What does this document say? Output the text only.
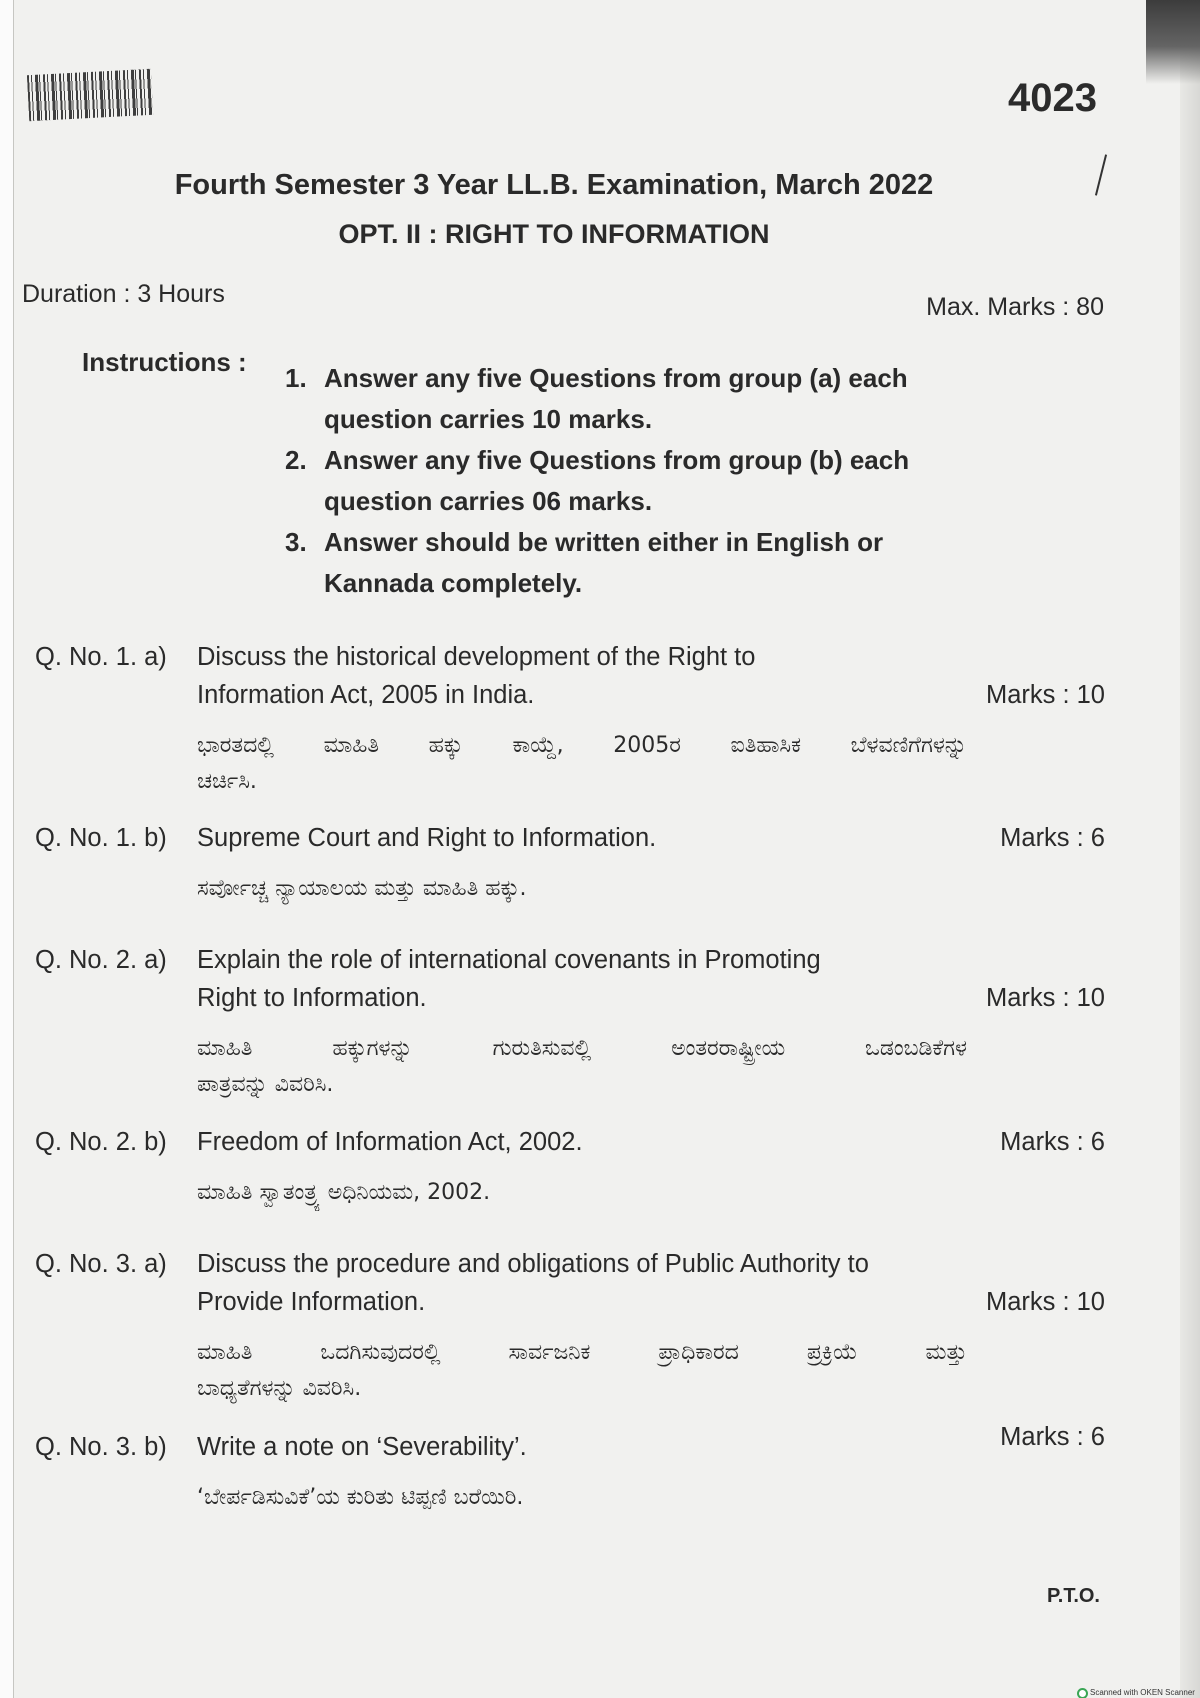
4023
Fourth Semester 3 Year LL.B. Examination, March 2022
OPT. II : RIGHT TO INFORMATION
Duration : 3 Hours	Max. Marks : 80
Instructions :
1. Answer any five Questions from group (a) each
question carries 10 marks.
2. Answer any five Questions from group (b) each
question carries 06 marks.
3. Answer should be written either in English or
Kannada completely.
Q. No. 1. a)
Marks : 10
Discuss the historical development of the Right to
Information Act, 2005 in India.
ಭಾರತದಲ್ಲಿ ಮಾಹಿತಿ ಹಕ್ಕು ಕಾಯ್ದೆ, 2005ರ ಐತಿಹಾಸಿಕ ಬೆಳವಣಿಗೆಗಳನ್ನು
ಚರ್ಚಿಸಿ.
Q. No. 1. b)	Marks : 6
Supreme Court and Right to Information.
ಸರ್ವೋಚ್ಚ ನ್ಯಾಯಾಲಯ ಮತ್ತು ಮಾಹಿತಿ ಹಕ್ಕು.
Q. No. 2. a)
Marks : 10
Explain the role of international covenants in Promoting
Right to Information.
ಮಾಹಿತಿ ಹಕ್ಕುಗಳನ್ನು ಗುರುತಿಸುವಲ್ಲಿ ಅಂತರರಾಷ್ಟ್ರೀಯ ಒಡಂಬಡಿಕೆಗಳ
ಪಾತ್ರವನ್ನು ವಿವರಿಸಿ.
Q. No. 2. b)	Marks : 6
Freedom of Information Act, 2002.
ಮಾಹಿತಿ ಸ್ವಾತಂತ್ರ್ಯ ಅಧಿನಿಯಮ, 2002.
Q. No. 3. a)
Marks : 10
Discuss the procedure and obligations of Public Authority to
Provide Information.
ಮಾಹಿತಿ ಒದಗಿಸುವುದರಲ್ಲಿ ಸಾರ್ವಜನಿಕ ಪ್ರಾಧಿಕಾರದ ಪ್ರಕ್ರಿಯೆ ಮತ್ತು
ಬಾಧ್ಯತೆಗಳನ್ನು ವಿವರಿಸಿ.
Q. No. 3. b)	Marks : 6
Write a note on ‘Severability’.
‘ಬೇರ್ಪಡಿಸುವಿಕೆ’ಯ ಕುರಿತು ಟಿಪ್ಪಣಿ ಬರೆಯಿರಿ.
P.T.O.
Scanned with OKEN Scanner
